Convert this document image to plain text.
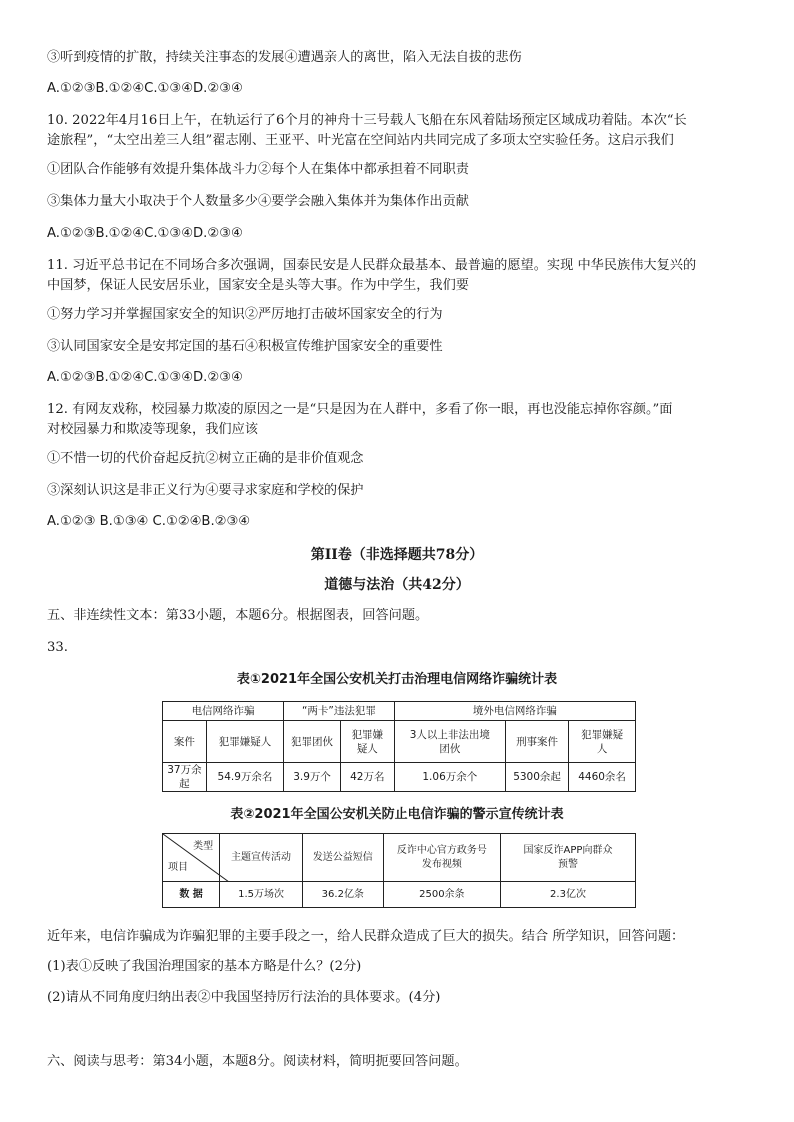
③听到疫情的扩散，持续关注事态的发展④遭遇亲人的离世，陷入无法自拔的悲伤
A.①②③B.①②④C.①③④D.②③④
10. 2022年4月16日上午，在轨运行了6个月的神舟十三号载人飞船在东风着陆场预定区域成功着陆。本次“长
途旅程”，“太空出差三人组”翟志刚、王亚平、叶光富在空间站内共同完成了多项太空实验任务。这启示我们
①团队合作能够有效提升集体战斗力②每个人在集体中都承担着不同职责
③集体力量大小取决于个人数量多少④要学会融入集体并为集体作出贡献
A.①②③B.①②④C.①③④D.②③④
11. 习近平总书记在不同场合多次强调，国泰民安是人民群众最基本、最普遍的愿望。实现 中华民族伟大复兴的
中国梦，保证人民安居乐业，国家安全是头等大事。作为中学生，我们要
①努力学习并掌握国家安全的知识②严厉地打击破坏国家安全的行为
③认同国家安全是安邦定国的基石④积极宣传维护国家安全的重要性
A.①②③B.①②④C.①③④D.②③④
12. 有网友戏称，校园暴力欺凌的原因之一是“只是因为在人群中，多看了你一眼，再也没能忘掉你容颜。”面
对校园暴力和欺凌等现象，我们应该
①不惜一切的代价奋起反抗②树立正确的是非价值观念
③深刻认识这是非正义行为④要寻求家庭和学校的保护
A.①②③ B.①③④ C.①②④B.②③④
第II卷（非选择题共78分）
道德与法治（共42分）
五、非连续性文本：第33小题，本题6分。根据图表，回答问题。
33.
表①2021年全国公安机关打击治理电信网络诈骗统计表
电信网络诈骗		“两卡”违法犯罪		境外电信网络诈骗		
案件	犯罪嫌疑人	犯罪团伙	犯罪嫌疑人	3人以上非法出境团伙	刑事案件	犯罪嫌疑人
37万余起	54.9万余名	3.9万个	42万名	1.06万余个	5300余起	4460余名
表②2021年全国公安机关防止电信诈骗的警示宣传统计表
类型
项目	主题宣传活动	发送公益短信	反诈中心官方政务号发布视频	国家反诈APP向群众预警
数 据	1.5万场次	36.2亿条	2500余条	2.3亿次
近年来，电信诈骗成为诈骗犯罪的主要手段之一，给人民群众造成了巨大的损失。结合 所学知识，回答问题：
(1)表①反映了我国治理国家的基本方略是什么？(2分)
(2)请从不同角度归纳出表②中我国坚持厉行法治的具体要求。(4分)
六、阅读与思考：第34小题，本题8分。阅读材料，简明扼要回答问题。
